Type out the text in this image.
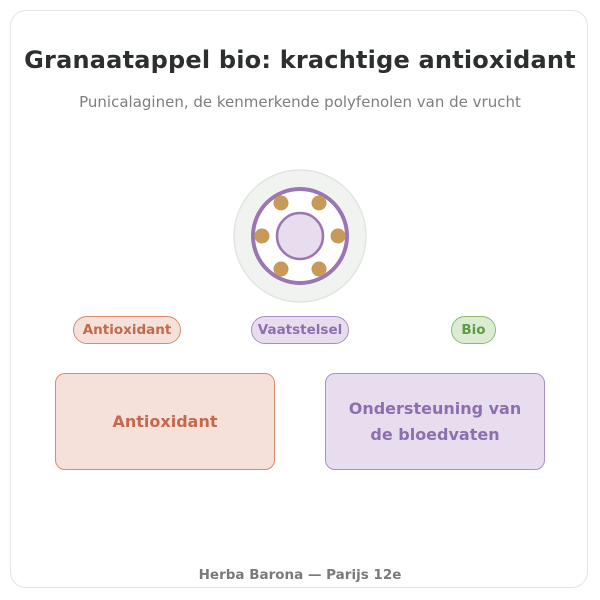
Granaatappel bio: krachtige antioxidant
Punicalaginen, de kenmerkende polyfenolen van de vrucht
Antioxidant	Vaatstelsel	Bio
Antioxidant
Ondersteuning van de bloedvaten
Herba Barona — Parijs 12e
